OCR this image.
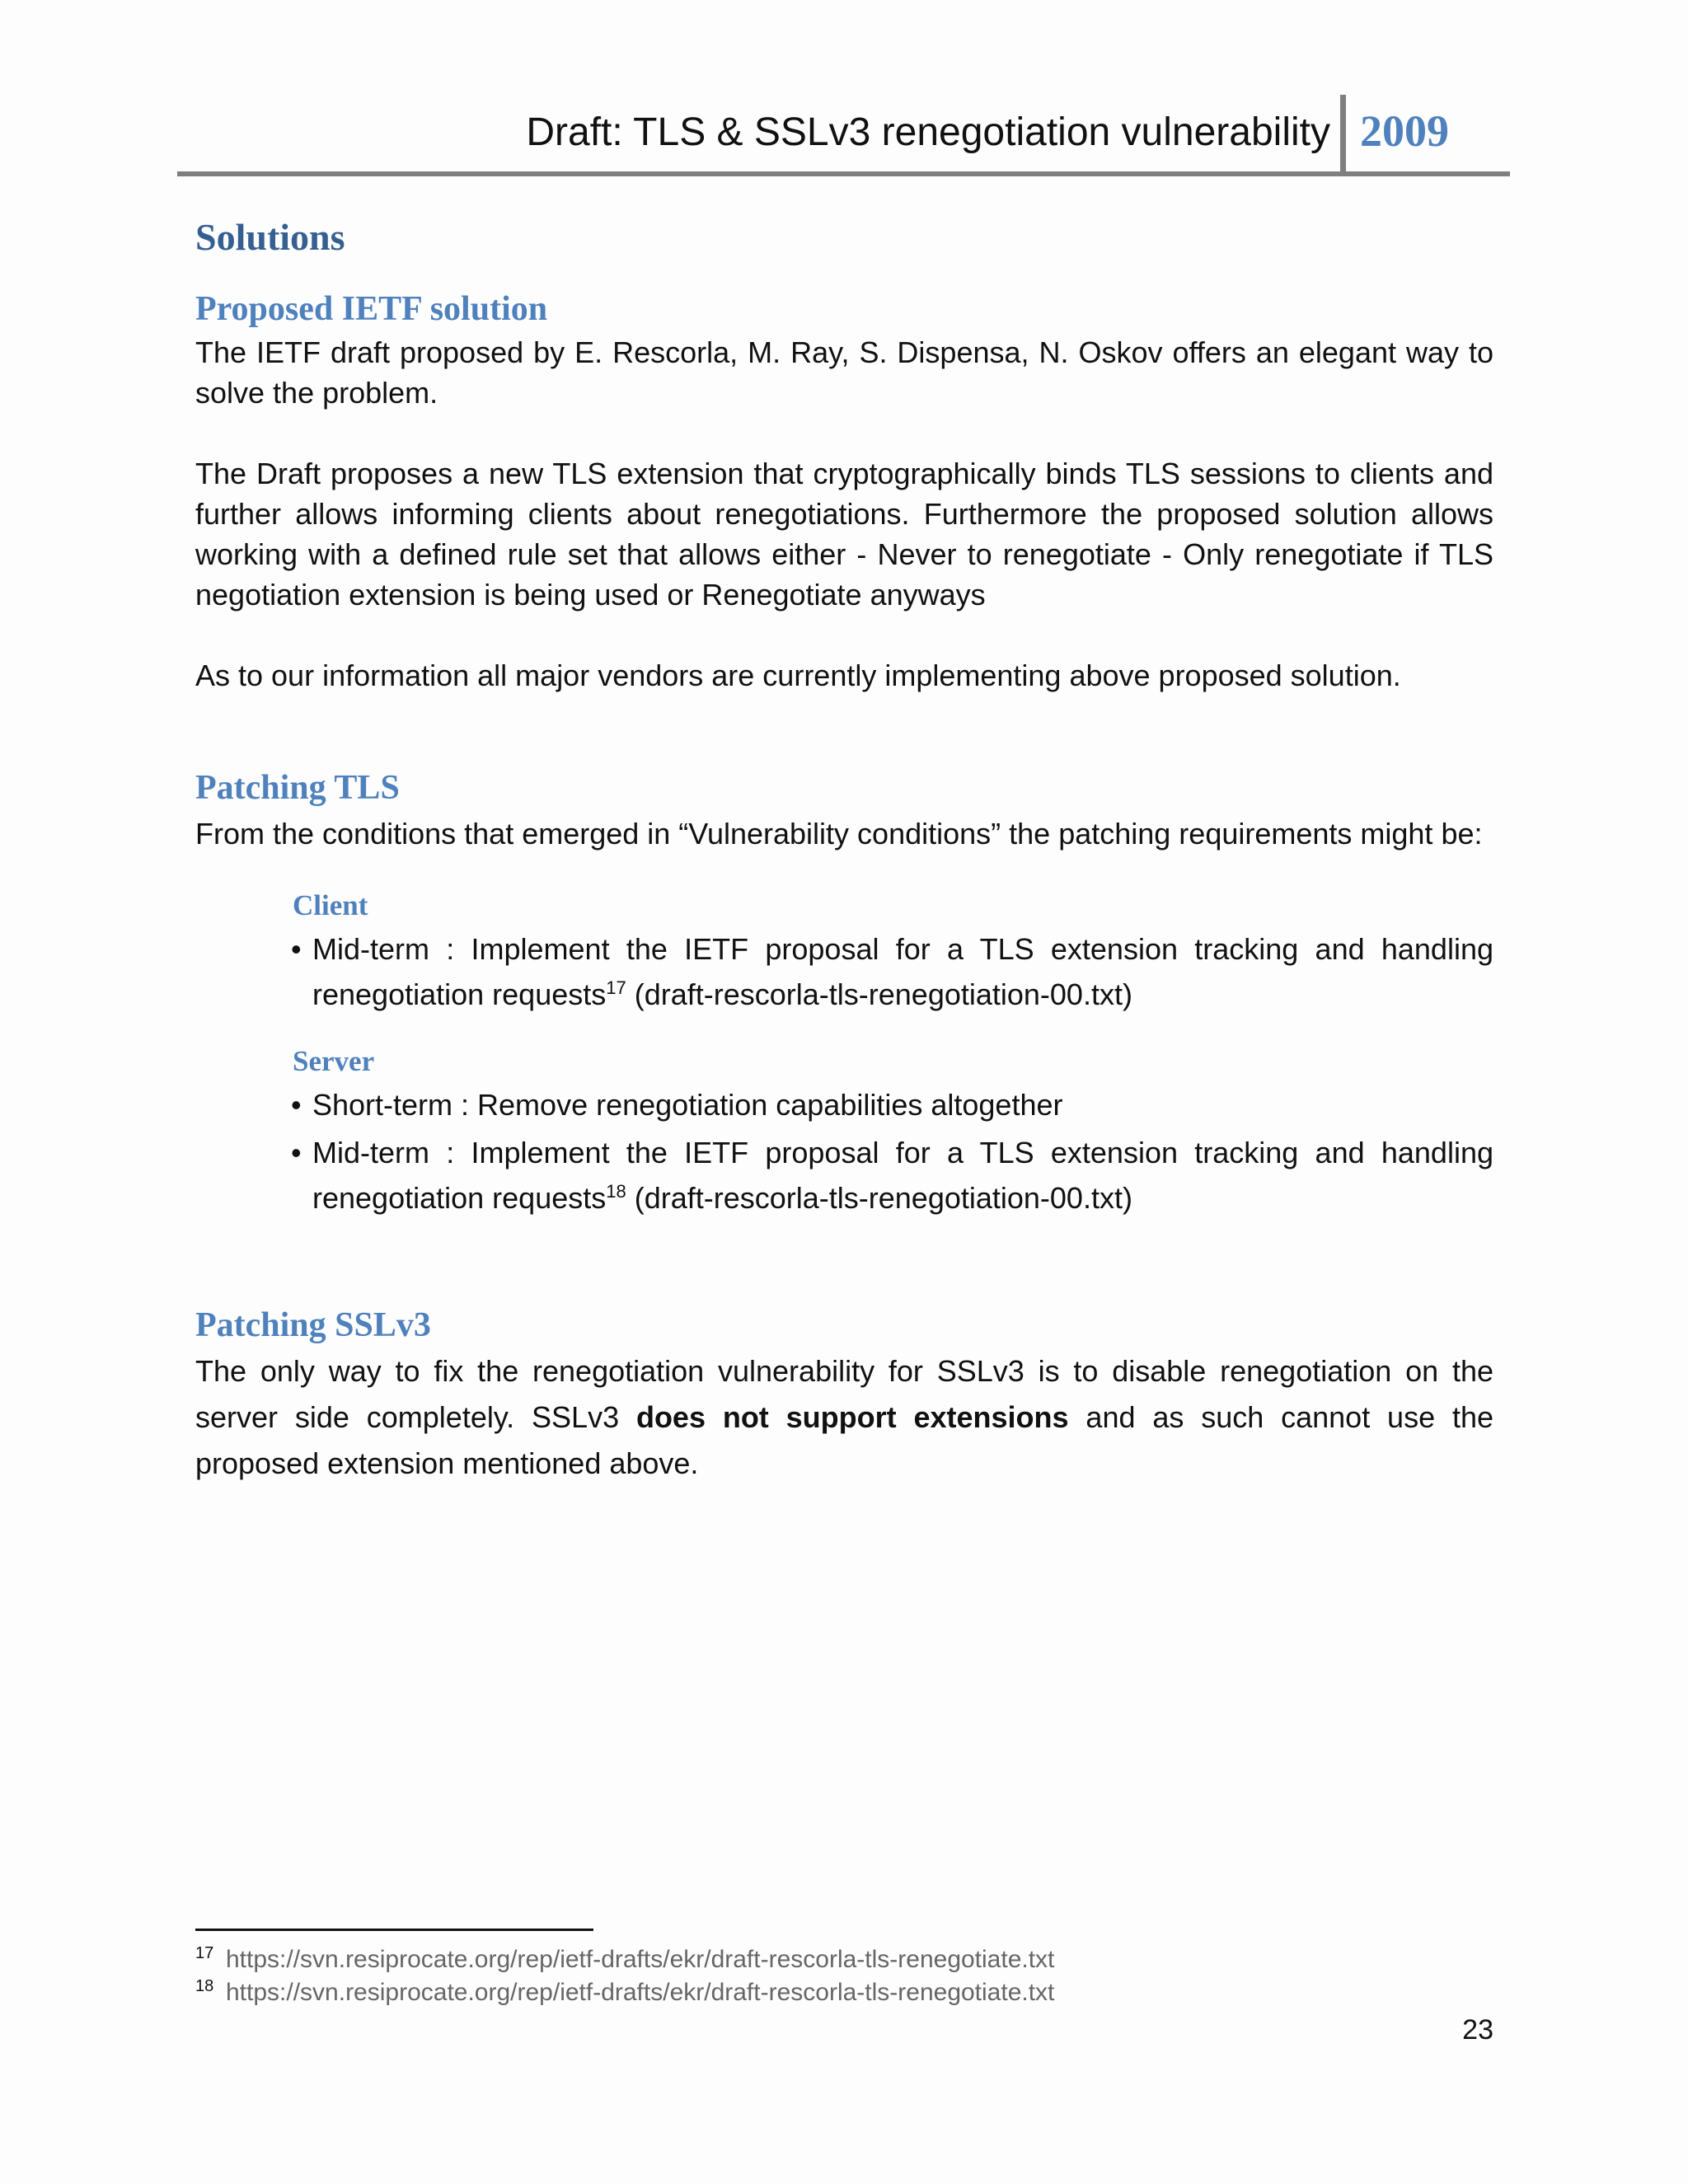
Draft: TLS & SSLv3 renegotiation vulnerability 2009
Solutions
Proposed IETF solution

The IETF draft proposed by E. Rescorla, M. Ray, S. Dispensa, N. Oskov offers an elegant way to solve the problem.

The Draft proposes a new TLS extension that cryptographically binds TLS sessions to clients and further allows informing clients about renegotiations. Furthermore the proposed solution allows working with a defined rule set that allows either - Never to renegotiate - Only renegotiate if TLS negotiation extension is being used or Renegotiate anyways

As to our information all major vendors are currently implementing above proposed solution.

Patching TLS

From the conditions that emerged in “Vulnerability conditions” the patching requirements might be:

Client
• Mid-term : Implement the IETF proposal for a TLS extension tracking and handling renegotiation requests$^{17}$ (draft-rescorla-tls-renegotiation-00.txt)
Server
• Short-term : Remove renegotiation capabilities altogether
• Mid-term : Implement the IETF proposal for a TLS extension tracking and handling renegotiation requests$^{18}$ (draft-rescorla-tls-renegotiation-00.txt)
Patching SSLv3

The only way to fix the renegotiation vulnerability for SSLv3 is to disable renegotiation on the server side completely. SSLv3 does not support extensions and as such cannot use the proposed extension mentioned above.

17 https://svn.resiprocate.org/rep/ietf-drafts/ekr/draft-rescorla-tls-renegotiate.txt
18 https://svn.resiprocate.org/rep/ietf-drafts/ekr/draft-rescorla-tls-renegotiate.txt
23
